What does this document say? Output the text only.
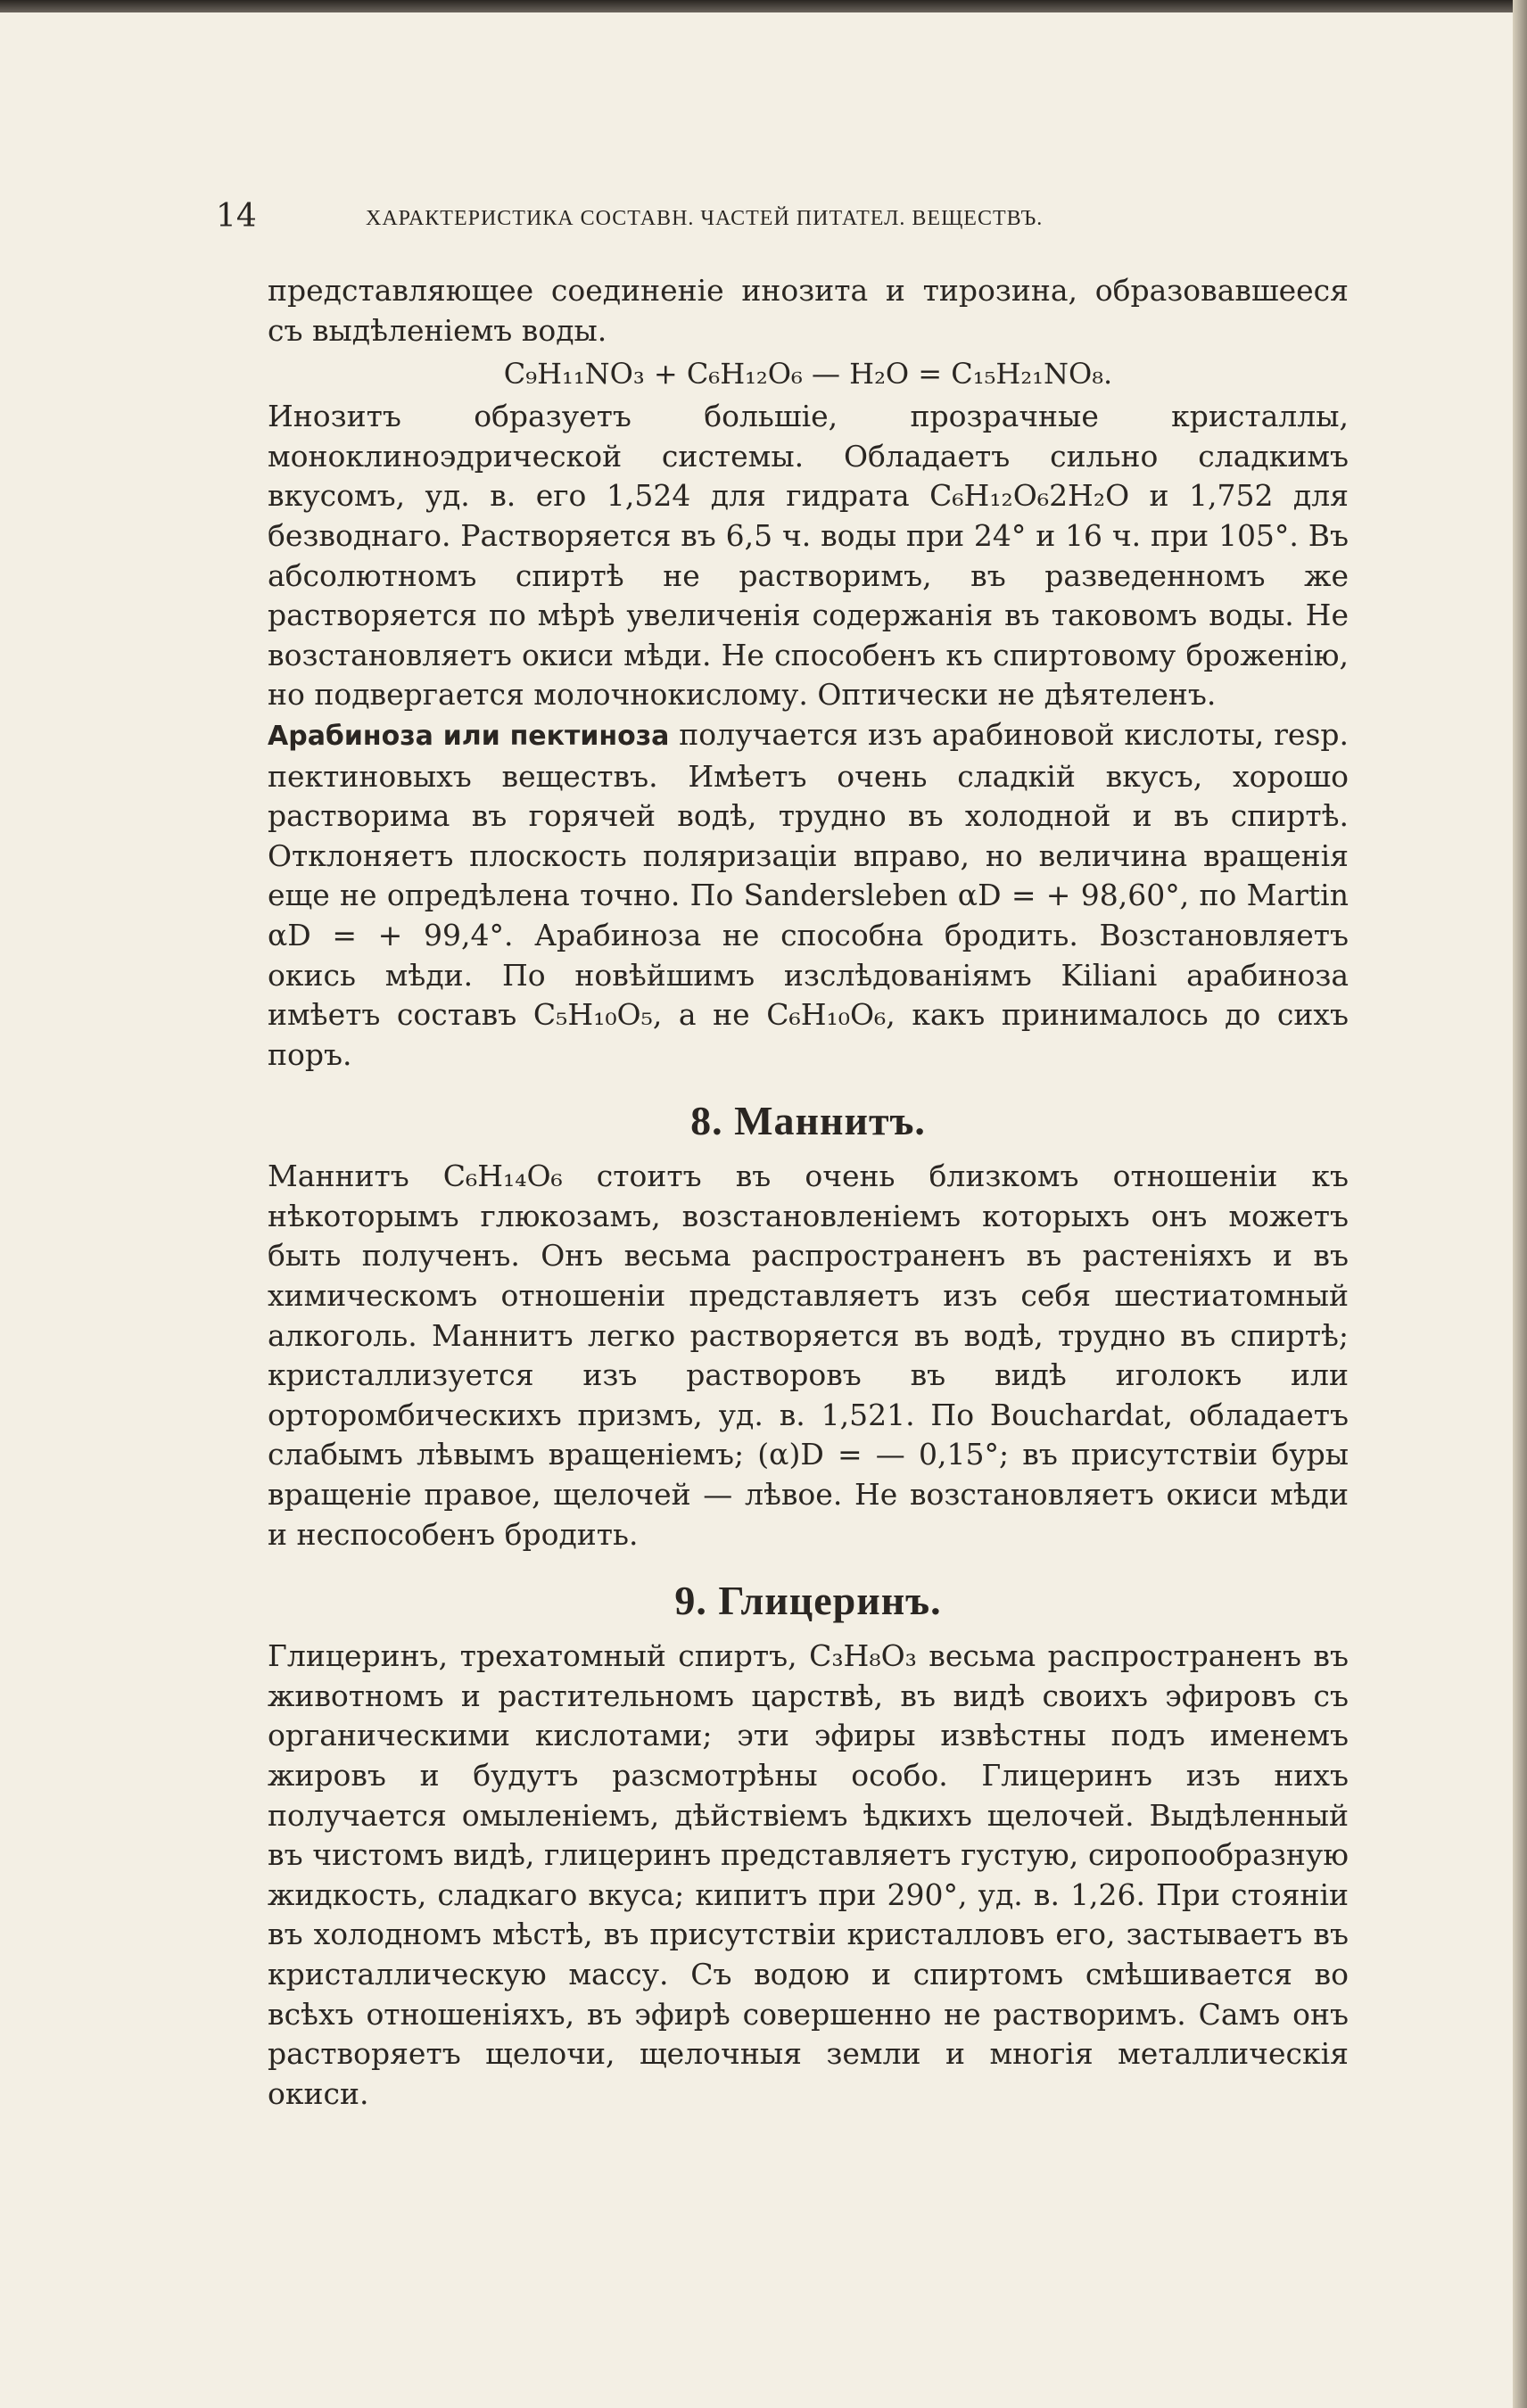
14	ХАРАКТЕРИСТИКА СОСТАВН. ЧАСТЕЙ ПИТАТЕЛ. ВЕЩЕСТВЪ.

представляющее соединеніе инозита и тирозина, образовавшееся съ выдѣленіемъ воды.

C₉H₁₁NO₃ + C₆H₁₂O₆ — H₂O = C₁₅H₂₁NO₈.

Инозитъ образуетъ большіе, прозрачные кристаллы, моноклиноэдрической системы. Обладаетъ сильно сладкимъ вкусомъ, уд. в. его 1,524 для гидрата C₆H₁₂O₆2H₂O и 1,752 для безводнаго. Растворяется въ 6,5 ч. воды при 24° и 16 ч. при 105°. Въ абсолютномъ спиртѣ не растворимъ, въ разведенномъ же растворяется по мѣрѣ увеличенія содержанія въ таковомъ воды. Не возстановляетъ окиси мѣди. Не способенъ къ спиртовому броженію, но подвергается молочнокислому. Оптически не дѣятеленъ.

Арабиноза или пектиноза получается изъ арабиновой кислоты, resp. пектиновыхъ веществъ. Имѣетъ очень сладкій вкусъ, хорошо растворима въ горячей водѣ, трудно въ холодной и въ спиртѣ. Отклоняетъ плоскость поляризаціи вправо, но величина вращенія еще не опредѣлена точно. По Sandersleben αD = + 98,60°, по Martin αD = + 99,4°. Арабиноза не способна бродить. Возстановляетъ окись мѣди. По новѣйшимъ изслѣдованіямъ Kiliani арабиноза имѣетъ составъ C₅H₁₀O₅, а не C₆H₁₀O₆, какъ принималось до сихъ поръ.

8. Маннитъ.

Маннитъ C₆H₁₄O₆ стоитъ въ очень близкомъ отношеніи къ нѣкоторымъ глюкозамъ, возстановленіемъ которыхъ онъ можетъ быть полученъ. Онъ весьма распространенъ въ растеніяхъ и въ химическомъ отношеніи представляетъ изъ себя шестиатомный алкоголь. Маннитъ легко растворяется въ водѣ, трудно въ спиртѣ; кристаллизуется изъ растворовъ въ видѣ иголокъ или орторомбическихъ призмъ, уд. в. 1,521. По Bouchardat, обладаетъ слабымъ лѣвымъ вращеніемъ; (α)D = — 0,15°; въ присутствіи буры вращеніе правое, щелочей — лѣвое. Не возстановляетъ окиси мѣди и неспособенъ бродить.

9. Глицеринъ.

Глицеринъ, трехатомный спиртъ, C₃H₈O₃ весьма распространенъ въ животномъ и растительномъ царствѣ, въ видѣ своихъ эфировъ съ органическими кислотами; эти эфиры извѣстны подъ именемъ жировъ и будутъ разсмотрѣны особо. Глицеринъ изъ нихъ получается омыленіемъ, дѣйствіемъ ѣдкихъ щелочей. Выдѣленный въ чистомъ видѣ, глицеринъ представляетъ густую, сиропообразную жидкость, сладкаго вкуса; кипитъ при 290°, уд. в. 1,26. При стояніи въ холодномъ мѣстѣ, въ присутствіи кристалловъ его, застываетъ въ кристаллическую массу. Съ водою и спиртомъ смѣшивается во всѣхъ отношеніяхъ, въ эфирѣ совершенно не растворимъ. Самъ онъ растворяетъ щелочи, щелочныя земли и многія металлическія окиси.
